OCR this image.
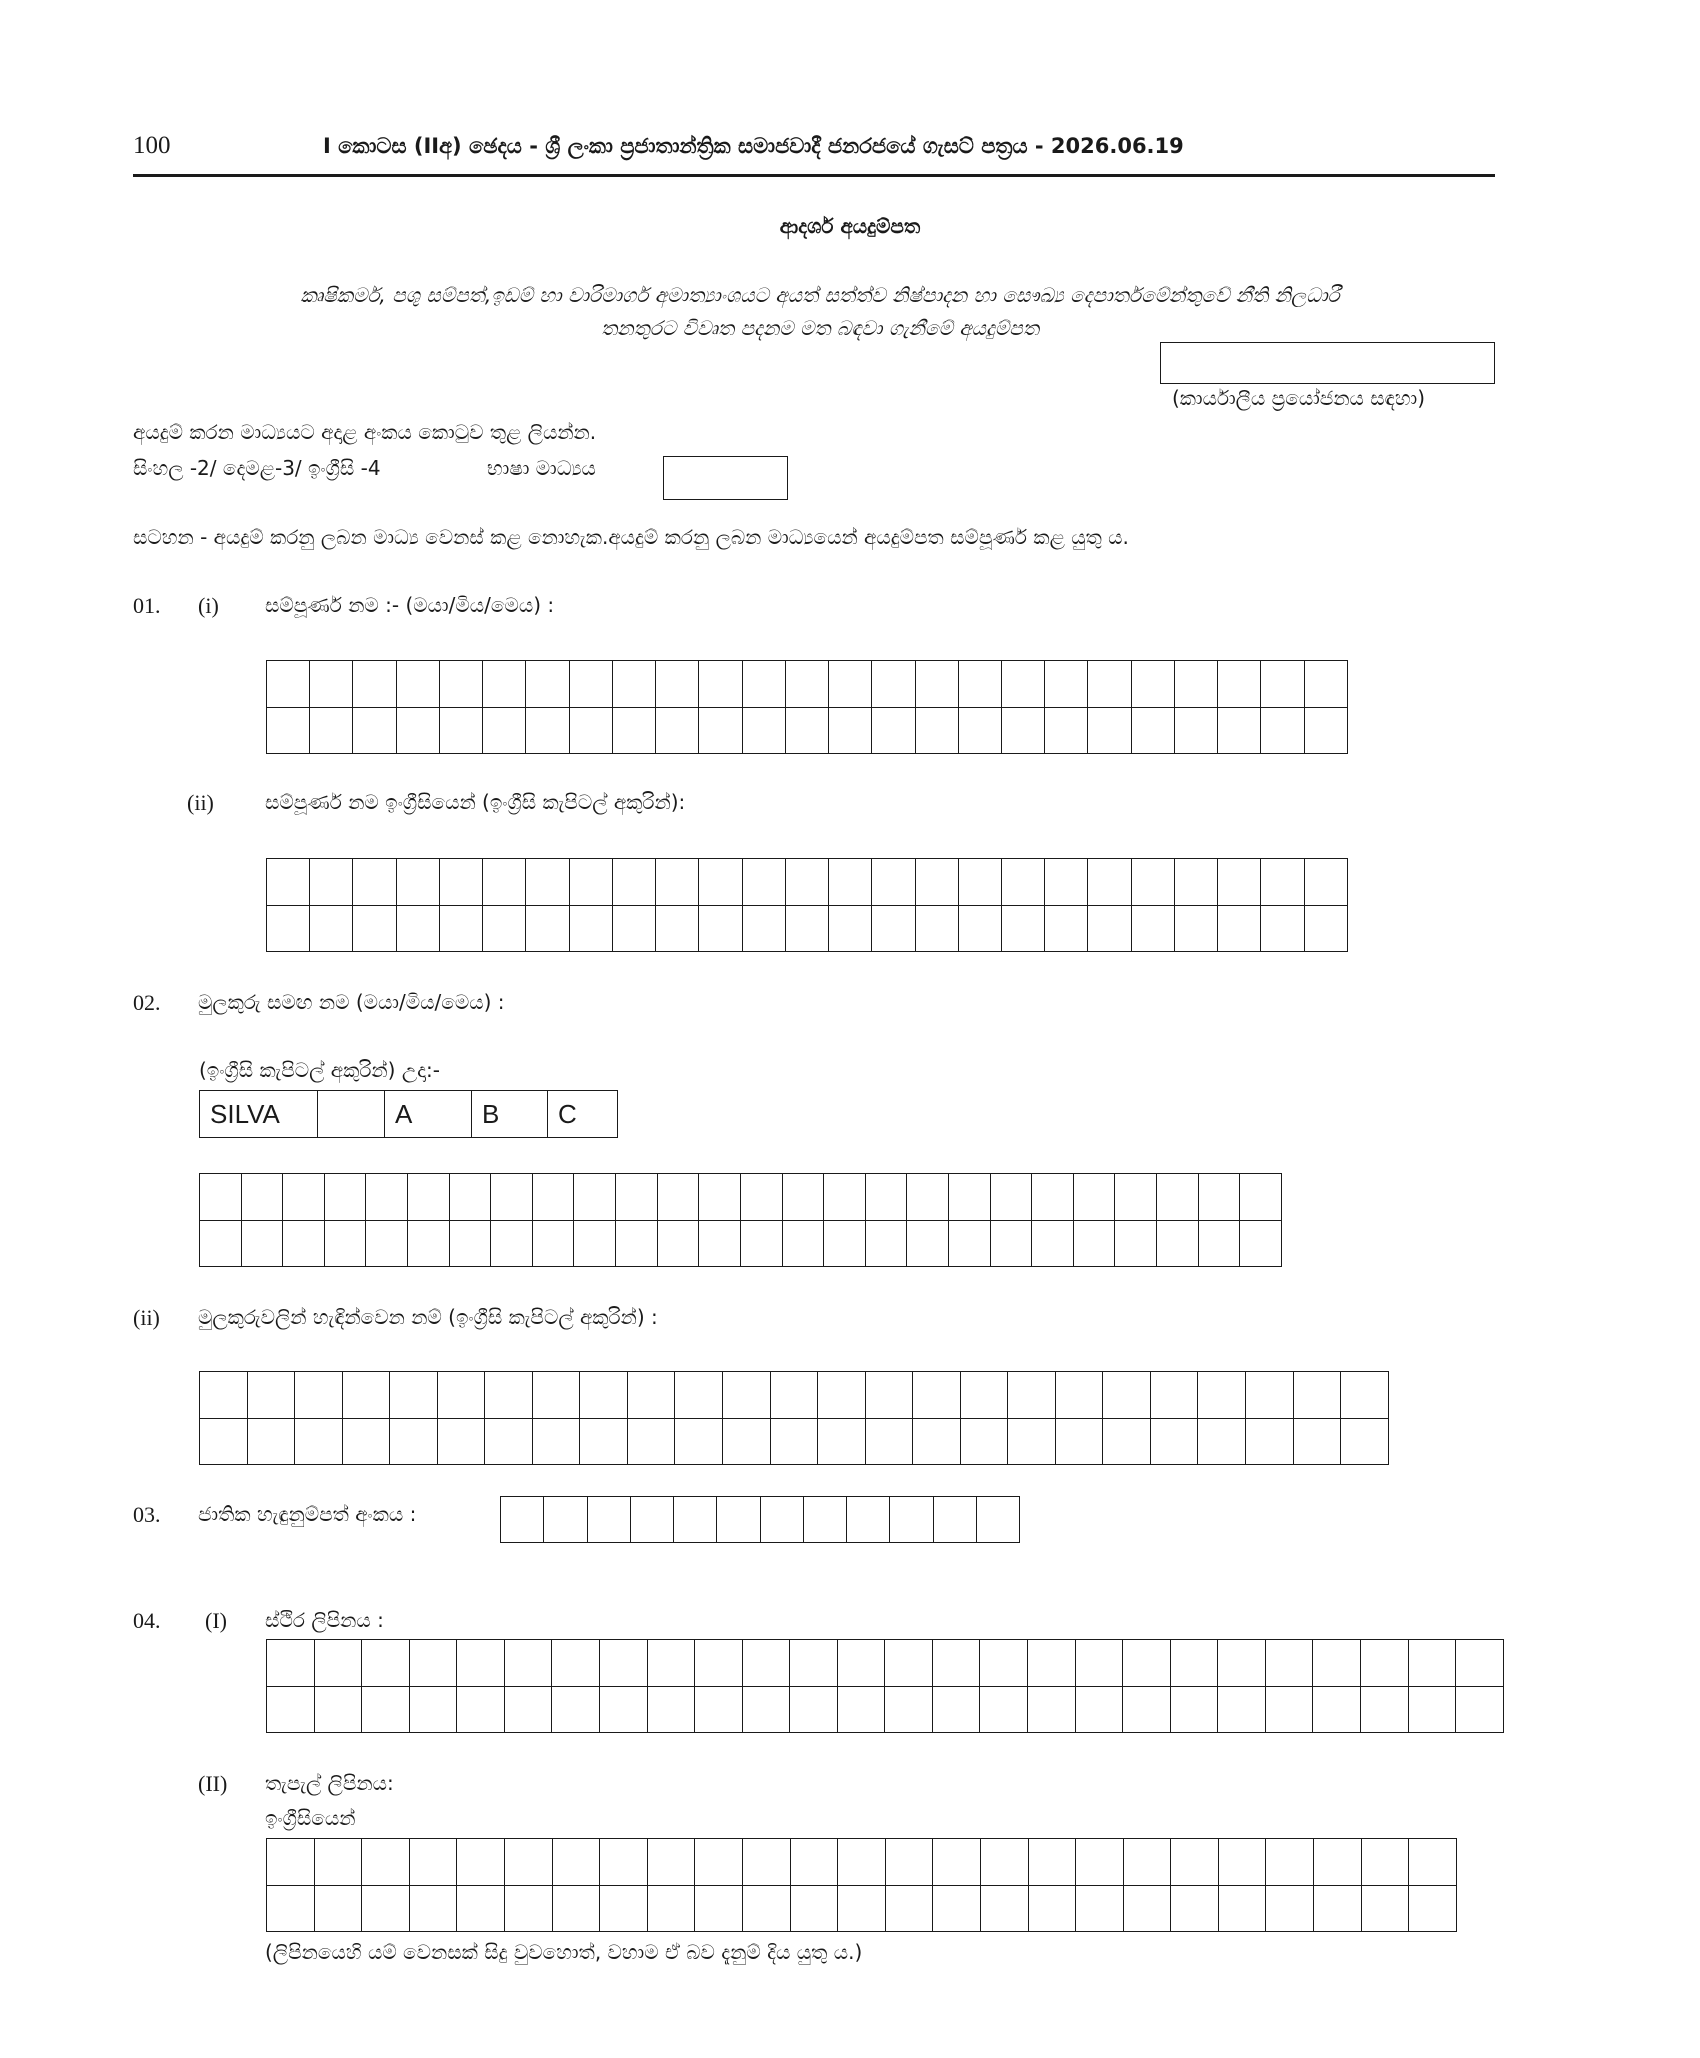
100	I කොටස (IIඅ) ඡෙදය - ශ්‍රී ලංකා ප්‍රජාතාන්ත්‍රික සමාජවාදී ජනරජයේ ගැසට් පත්‍රය - 2026.06.19
ආදර්ශ අයදුම්පත
කෘෂිකර්ම, පශු සම්පත්,ඉඩම් හා වාරිමාර්ග අමාත්‍යාංශයට අයත් සත්ත්ව නිෂ්පාදන හා සෞඛ්‍ය දෙපාර්තමේන්තුවේ නීති නිලධාරී
තනතුරට විවෘත පදනම මත බඳවා ගැනීමේ අයදුම්පත
(කාර්යාලීය ප්‍රයෝජනය සඳහා)
අයදුම් කරන මාධ්‍යයට අදාළ අංකය කොටුව තුළ ලියන්න.
සිංහල -2/ දෙමළ-3/ ඉංග්‍රීසි -4	භාෂා මාධ්‍යය
සටහන - අයදුම් කරනු ලබන මාධ්‍ය වෙනස් කළ නොහැක.අයදුම් කරනු ලබන මාධ්‍යයෙන් අයදුම්පත සම්පූර්ණ කළ යුතු ය.
01. (i) සම්පූර්ණ නම :- (මයා/මිය/මෙය) :

(ii)	සම්පූර්ණ නම ඉංග්‍රීසියෙන් (ඉංග්‍රීසි කැපිටල් අකුරින්):

02. මුලකුරු සමඟ නම (මයා/මිය/මෙය) :
(ඉංග්‍රීසි කැපිටල් අකුරින්) උදා:-
SILVA		A	B	C

(ii) මුලකුරුවලින් හැඳින්වෙන නම් (ඉංග්‍රීසි කැපිටල් අකුරින්) :

03. ජාතික හැඳුනුම්පත් අංකය :

04. (I) ස්ථිර ලිපිනය :

(II) තැපැල් ලිපිනය:
ඉංග්‍රීසියෙන්

(ලිපිනයෙහි යම් වෙනසක් සිදු වුවහොත්, වහාම ඒ බව දැනුම් දිය යුතු ය.)
